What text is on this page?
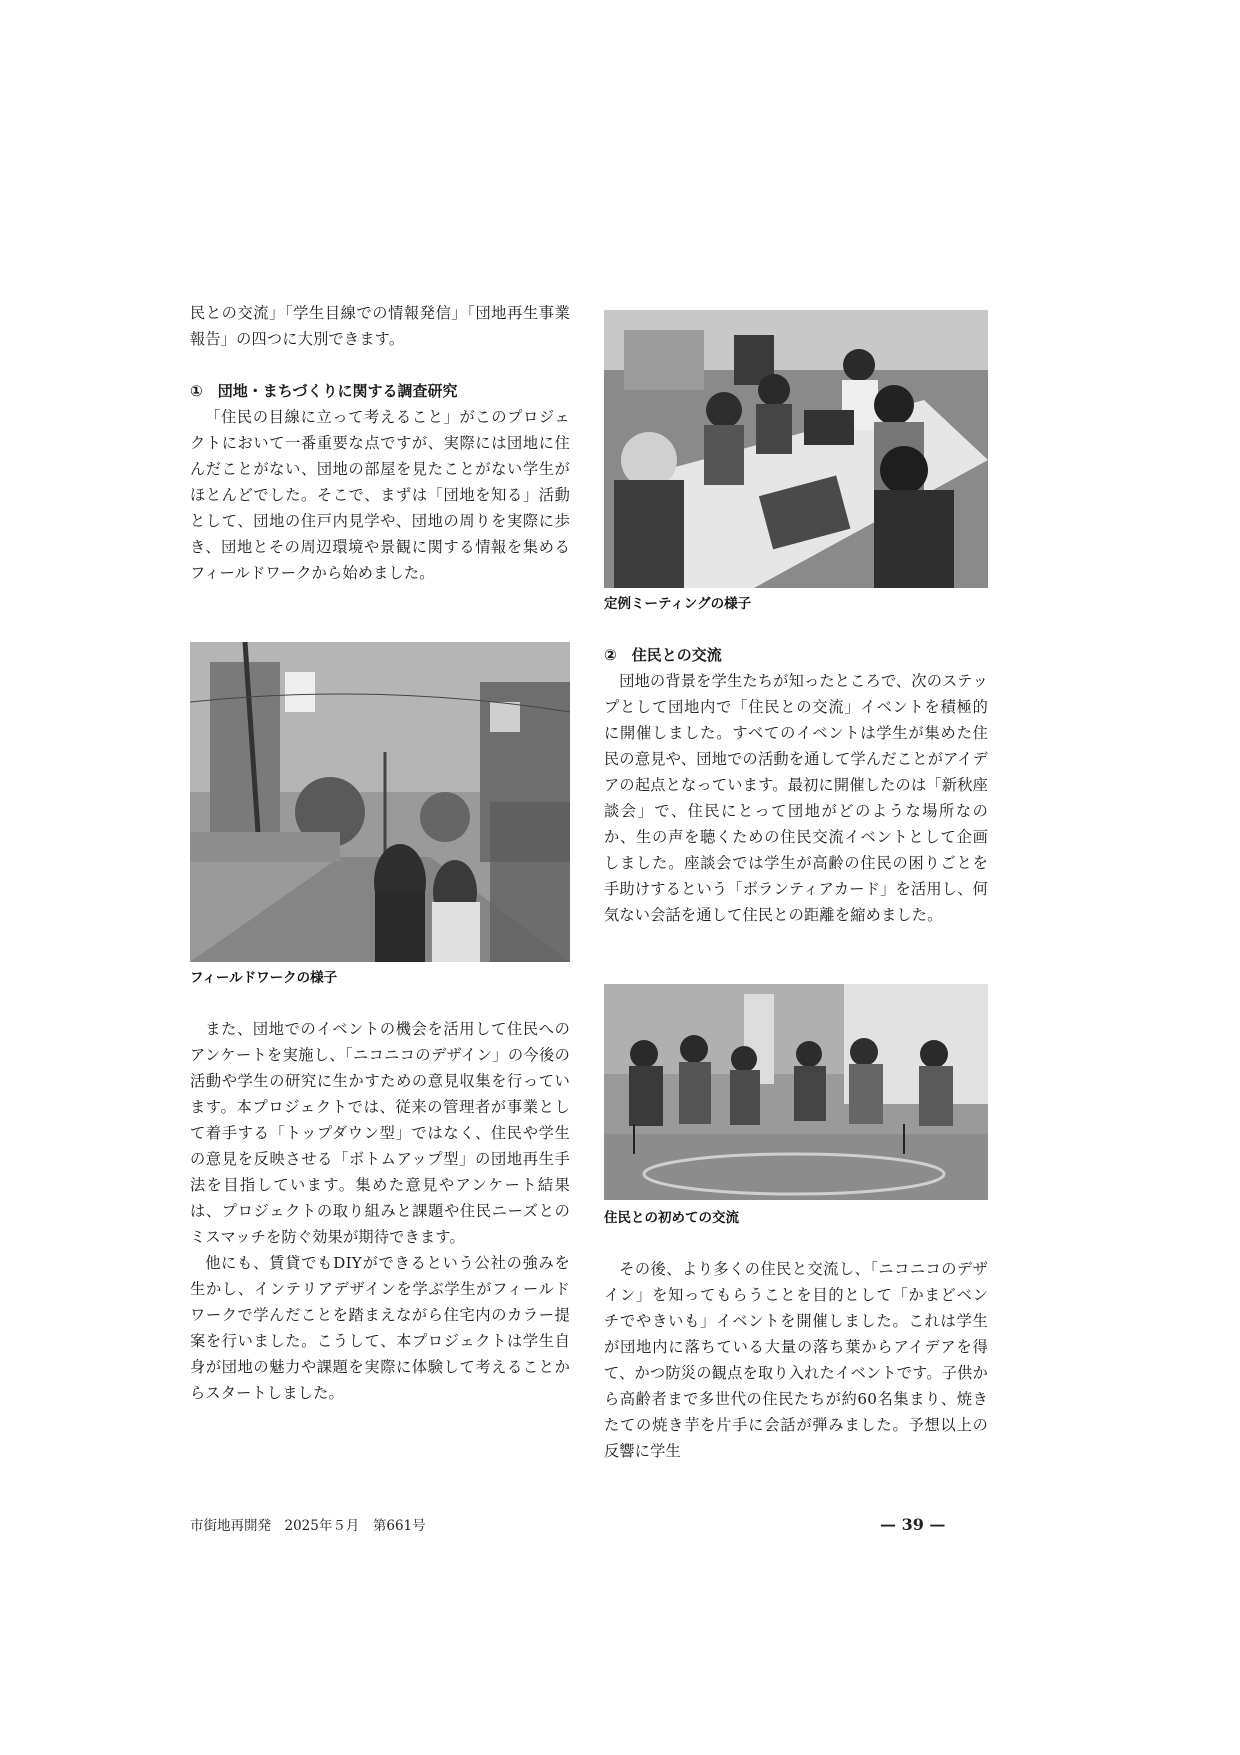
民との交流」「学生目線での情報発信」「団地再生事業報告」の四つに大別できます。

①　団地・まちづくりに関する調査研究

「住民の目線に立って考えること」がこのプロジェクトにおいて一番重要な点ですが、実際には団地に住んだことがない、団地の部屋を見たことがない学生がほとんどでした。そこで、まずは「団地を知る」活動として、団地の住戸内見学や、団地の周りを実際に歩き、団地とその周辺環境や景観に関する情報を集めるフィールドワークから始めました。

フィールドワークの様子

また、団地でのイベントの機会を活用して住民へのアンケートを実施し、「ニコニコのデザイン」の今後の活動や学生の研究に生かすための意見収集を行っています。本プロジェクトでは、従来の管理者が事業として着手する「トップダウン型」ではなく、住民や学生の意見を反映させる「ボトムアップ型」の団地再生手法を目指しています。集めた意見やアンケート結果は、プロジェクトの取り組みと課題や住民ニーズとのミスマッチを防ぐ効果が期待できます。

他にも、賃貸でもDIYができるという公社の強みを生かし、インテリアデザインを学ぶ学生がフィールドワークで学んだことを踏まえながら住宅内のカラー提案を行いました。こうして、本プロジェクトは学生自身が団地の魅力や課題を実際に体験して考えることからスタートしました。

定例ミーティングの様子
②　住民との交流

団地の背景を学生たちが知ったところで、次のステップとして団地内で「住民との交流」イベントを積極的に開催しました。すべてのイベントは学生が集めた住民の意見や、団地での活動を通して学んだことがアイデアの起点となっています。最初に開催したのは「新秋座談会」で、住民にとって団地がどのような場所なのか、生の声を聴くための住民交流イベントとして企画しました。座談会では学生が高齢の住民の困りごとを手助けするという「ボランティアカード」を活用し、何気ない会話を通して住民との距離を縮めました。

住民との初めての交流

その後、より多くの住民と交流し、「ニコニコのデザイン」を知ってもらうことを目的として「かまどベンチでやきいも」イベントを開催しました。これは学生が団地内に落ちている大量の落ち葉からアイデアを得て、かつ防災の観点を取り入れたイベントです。子供から高齢者まで多世代の住民たちが約60名集まり、焼きたての焼き芋を片手に会話が弾みました。予想以上の反響に学生

市街地再開発　2025年５月　第661号	— 39 —
